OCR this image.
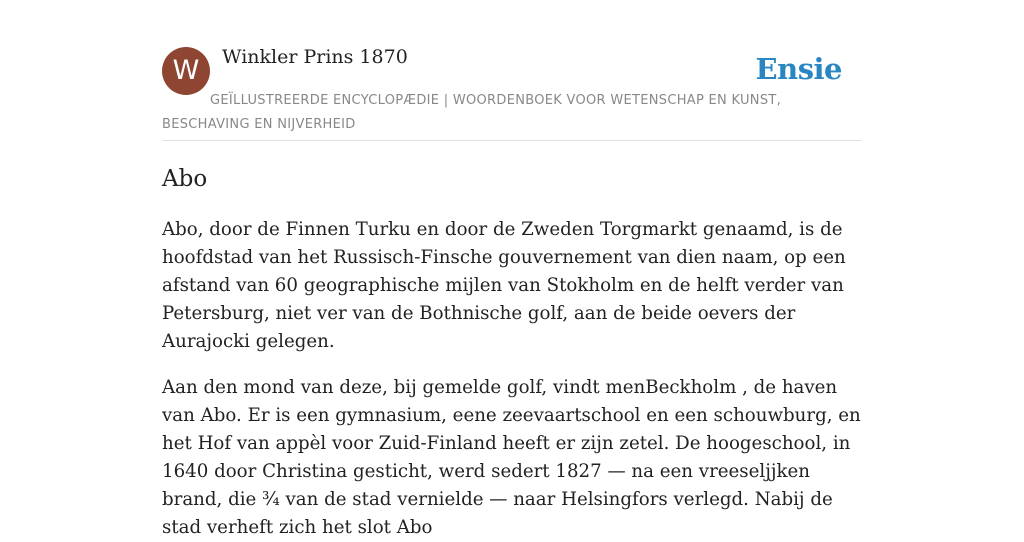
W	Winkler Prins 1870	Ensie

GEÏLLUSTREERDE ENCYCLOPÆDIE | WOORDENBOEK VOOR WETENSCHAP EN KUNST, BESCHAVING EN NIJVERHEID

Abo

Abo, door de Finnen Turku en door de Zweden Torgmarkt genaamd, is de hoofdstad van het Russisch-Finsche gouvernement van dien naam, op een afstand van 60 geographische mijlen van Stokholm en de helft verder van Petersburg, niet ver van de Bothnische golf, aan de beide oevers der Aurajocki gelegen.

Aan den mond van deze, bij gemelde golf, vindt menBeckholm , de haven van Abo. Er is een gymnasium, eene zeevaartschool en een schouwburg, en het Hof van appèl voor Zuid-Finland heeft er zijn zetel. De hoogeschool, in 1640 door Christina gesticht, werd sedert 1827 — na een vreeseljjken brand, die ¾ van de stad vernielde — naar Helsingfors verlegd. Nabij de stad verheft zich het slot Abo
